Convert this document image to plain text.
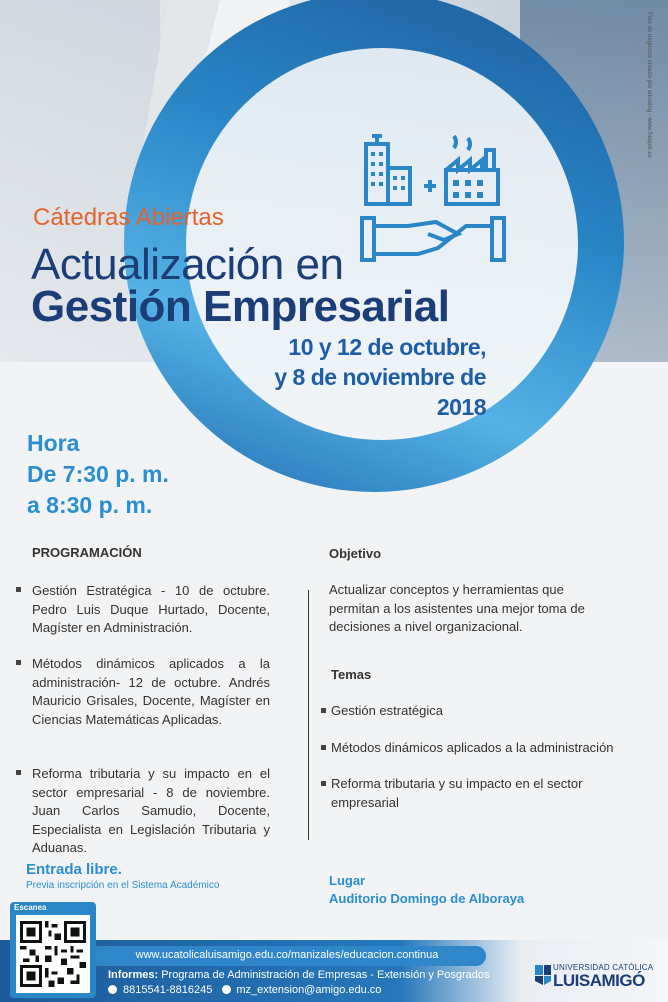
Foto de negocios creado por snowing - www.freepik.es
Cátedras Abiertas
Actualización en
Gestión Empresarial
10 y 12 de octubre,
y 8 de noviembre de
2018
Hora
De 7:30 p. m.
a 8:30 p. m.
PROGRAMACIÓN
Gestión Estratégica - 10 de octubre. Pedro Luis Duque Hurtado, Docente, Magíster en Administración.
Métodos dinámicos aplicados a la administración- 12 de octubre. Andrés Mauricio Grisales, Docente, Magíster en Ciencias Matemáticas Aplicadas.
Reforma tributaria y su impacto en el sector empresarial - 8 de noviembre. Juan Carlos Samudio, Docente, Especialista en Legislación Tributaria y Aduanas.
Objetivo
Actualizar conceptos y herramientas que permitan a los asistentes una mejor toma de decisiones a nivel organizacional.
Temas
Gestión estratégica
Métodos dinámicos aplicados a la administración
Reforma tributaria y su impacto en el sector empresarial
Entrada libre.
Previa inscripción en el Sistema Académico	Lugar
Auditorio Domingo de Alboraya
www.ucatolicaluisamigo.edu.co/manizales/educacion.continua
Informes: Programa de Administración de Empresas - Extensión y Posgrados
8815541-8816245 mz_extension@amigo.edu.co
Escanea
UNIVERSIDAD CATÓLICA
LUISAMIGÓ
